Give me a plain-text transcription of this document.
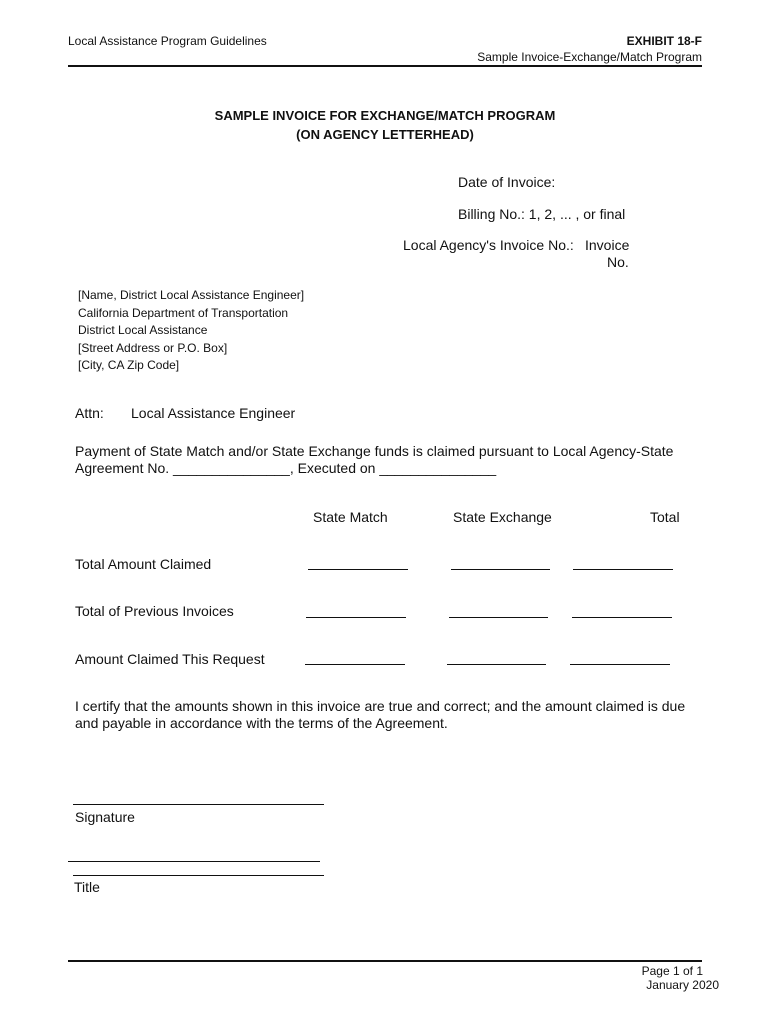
Local Assistance Program Guidelines	EXHIBIT 18-F
Sample Invoice-Exchange/Match Program
SAMPLE INVOICE FOR EXCHANGE/MATCH PROGRAM
(ON AGENCY LETTERHEAD)
Date of Invoice:
Billing No.: 1, 2, ... , or final
Local Agency's Invoice No.: Invoice
No.
[Name, District Local Assistance Engineer]
California Department of Transportation
District Local Assistance
[Street Address or P.O. Box]
[City, CA Zip Code]
Attn: Local Assistance Engineer
Payment of State Match and/or State Exchange funds is claimed pursuant to Local Agency-State Agreement No. _______________, Executed on _______________
State Match	State Exchange	Total
Total Amount Claimed
Total of Previous Invoices
Amount Claimed This Request
I certify that the amounts shown in this invoice are true and correct; and the amount claimed is due and payable in accordance with the terms of the Agreement.
Signature
Title
Page 1 of 1
January 2020
